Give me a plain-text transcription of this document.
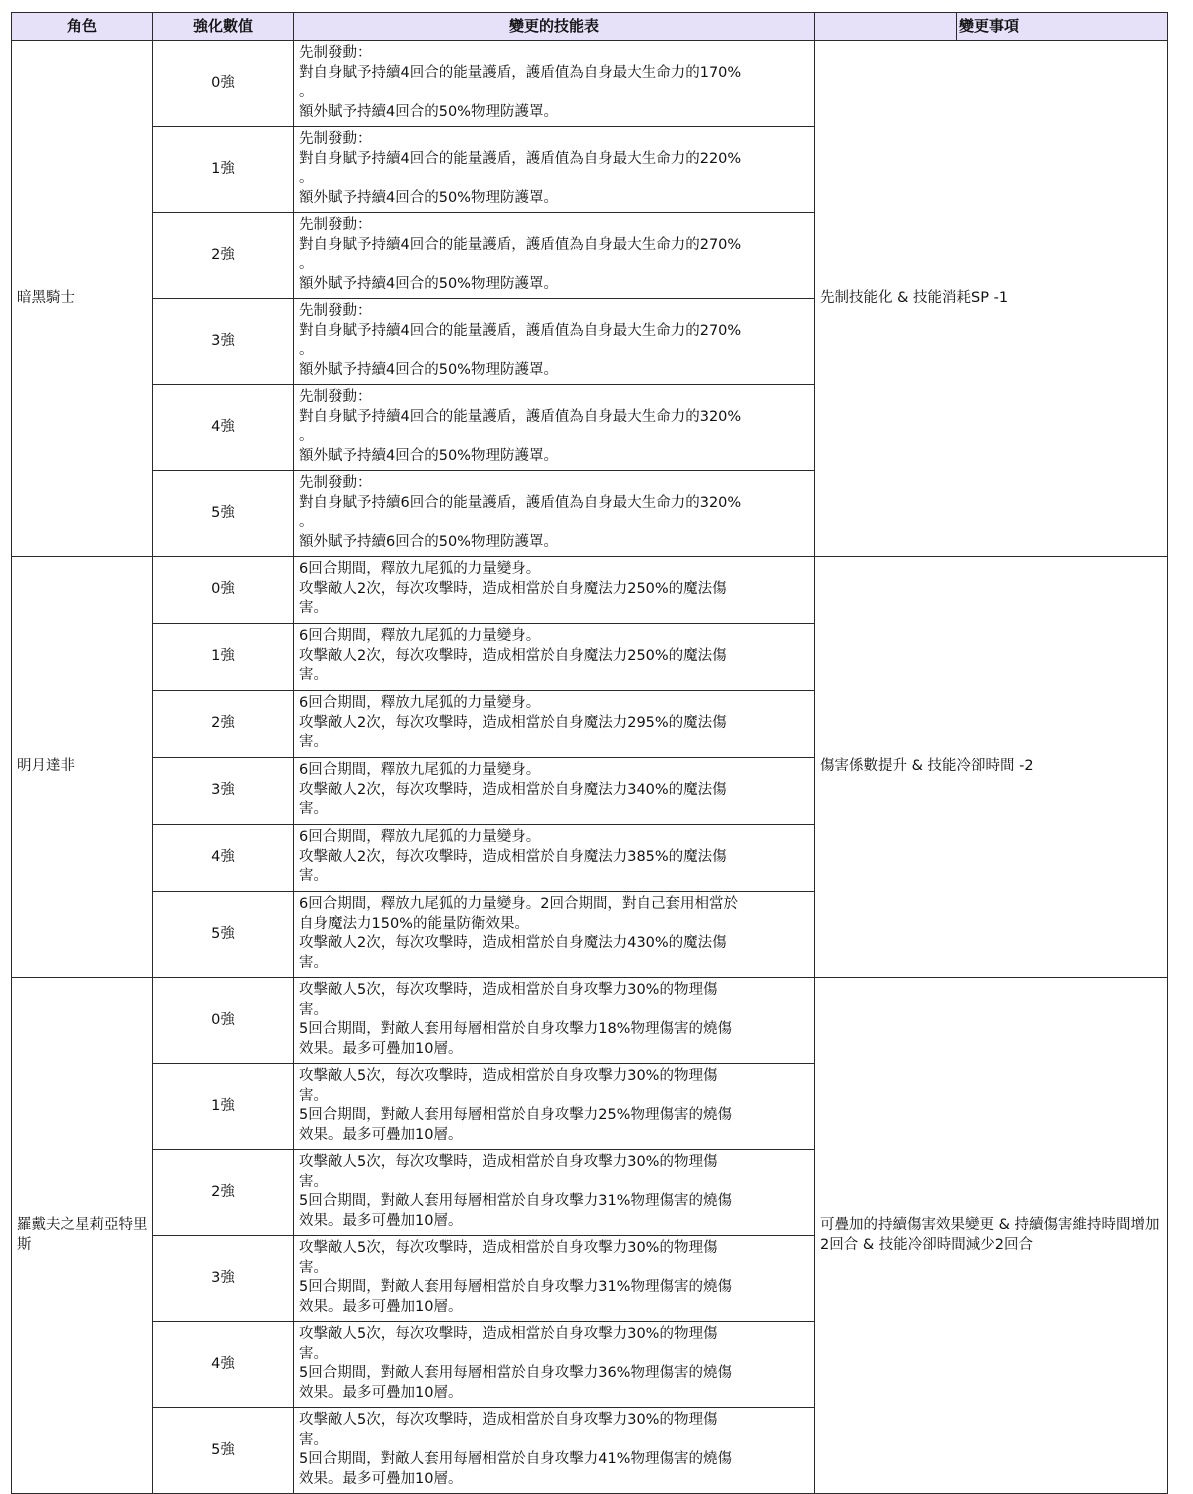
角色	強化數值	變更的技能表	變更事項

暗黑騎士	0強	先制發動：
對自身賦予持續4回合的能量護盾，護盾值為自身最大生命力的170%
。
額外賦予持續4回合的50%物理防護罩。	先制技能化 & 技能消耗SP -1
	1強	先制發動：
對自身賦予持續4回合的能量護盾，護盾值為自身最大生命力的220%
。
額外賦予持續4回合的50%物理防護罩。	

	2強	先制發動：
對自身賦予持續4回合的能量護盾，護盾值為自身最大生命力的270%
。
額外賦予持續4回合的50%物理防護罩。	

	3強	先制發動：
對自身賦予持續4回合的能量護盾，護盾值為自身最大生命力的270%
。
額外賦予持續4回合的50%物理防護罩。	

	4強	先制發動：
對自身賦予持續4回合的能量護盾，護盾值為自身最大生命力的320%
。
額外賦予持續4回合的50%物理防護罩。	

	5強	先制發動：
對自身賦予持續6回合的能量護盾，護盾值為自身最大生命力的320%
。
額外賦予持續6回合的50%物理防護罩。	

明月達非	0強	6回合期間，釋放九尾狐的力量變身。
攻擊敵人2次，每次攻擊時，造成相當於自身魔法力250%的魔法傷
害。	傷害係數提升 & 技能冷卻時間 -2
	1強	6回合期間，釋放九尾狐的力量變身。
攻擊敵人2次，每次攻擊時，造成相當於自身魔法力250%的魔法傷
害。	

	2強	6回合期間，釋放九尾狐的力量變身。
攻擊敵人2次，每次攻擊時，造成相當於自身魔法力295%的魔法傷
害。	

	3強	6回合期間，釋放九尾狐的力量變身。
攻擊敵人2次，每次攻擊時，造成相當於自身魔法力340%的魔法傷
害。	

	4強	6回合期間，釋放九尾狐的力量變身。
攻擊敵人2次，每次攻擊時，造成相當於自身魔法力385%的魔法傷
害。	

	5強	6回合期間，釋放九尾狐的力量變身。2回合期間，對自己套用相當於
自身魔法力150%的能量防衛效果。
攻擊敵人2次，每次攻擊時，造成相當於自身魔法力430%的魔法傷
害。	

羅戴夫之星莉亞特里斯	0強	攻擊敵人5次，每次攻擊時，造成相當於自身攻擊力30%的物理傷
害。
5回合期間，對敵人套用每層相當於自身攻擊力18%物理傷害的燒傷
效果。最多可疊加10層。	可疊加的持續傷害效果變更 & 持續傷害維持時間增加2回合 & 技能冷卻時間減少2回合
	1強	攻擊敵人5次，每次攻擊時，造成相當於自身攻擊力30%的物理傷
害。
5回合期間，對敵人套用每層相當於自身攻擊力25%物理傷害的燒傷
效果。最多可疊加10層。	

	2強	攻擊敵人5次，每次攻擊時，造成相當於自身攻擊力30%的物理傷
害。
5回合期間，對敵人套用每層相當於自身攻擊力31%物理傷害的燒傷
效果。最多可疊加10層。	

	3強	攻擊敵人5次，每次攻擊時，造成相當於自身攻擊力30%的物理傷
害。
5回合期間，對敵人套用每層相當於自身攻擊力31%物理傷害的燒傷
效果。最多可疊加10層。	

	4強	攻擊敵人5次，每次攻擊時，造成相當於自身攻擊力30%的物理傷
害。
5回合期間，對敵人套用每層相當於自身攻擊力36%物理傷害的燒傷
效果。最多可疊加10層。	

	5強	攻擊敵人5次，每次攻擊時，造成相當於自身攻擊力30%的物理傷
害。
5回合期間，對敵人套用每層相當於自身攻擊力41%物理傷害的燒傷
效果。最多可疊加10層。	
